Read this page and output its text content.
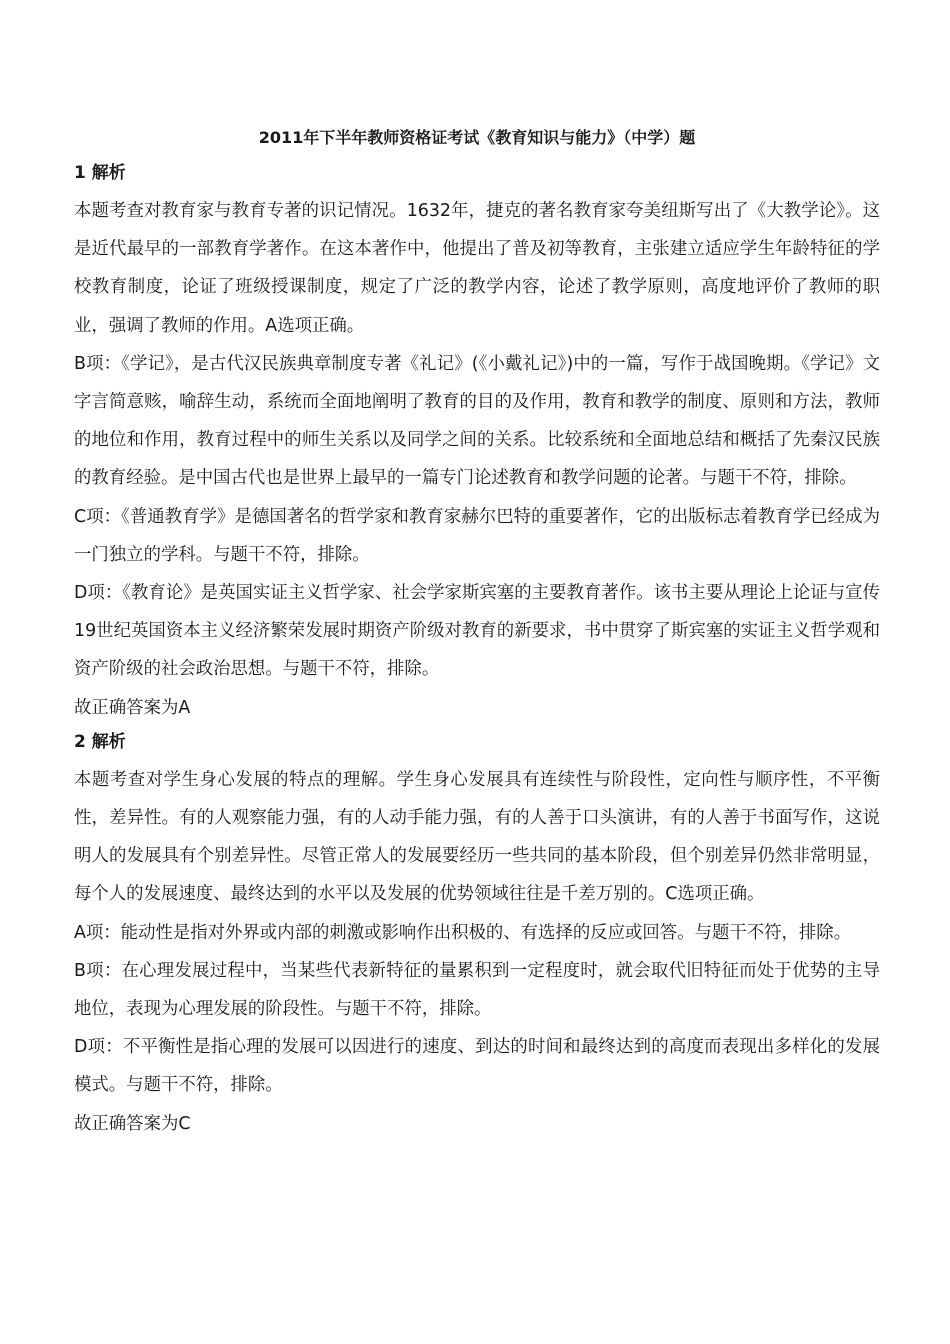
2011年下半年教师资格证考试《教育知识与能力》（中学）题
1 解析

本题考查对教育家与教育专著的识记情况。1632年，捷克的著名教育家夸美纽斯写出了《大教学论》。这是近代最早的一部教育学著作。在这本著作中，他提出了普及初等教育，主张建立适应学生年龄特征的学校教育制度，论证了班级授课制度，规定了广泛的教学内容，论述了教学原则，高度地评价了教师的职业，强调了教师的作用。A选项正确。

B项：《学记》，是古代汉民族典章制度专著《礼记》(《小戴礼记》)中的一篇，写作于战国晚期。《学记》文字言简意赅，喻辞生动，系统而全面地阐明了教育的目的及作用，教育和教学的制度、原则和方法，教师的地位和作用，教育过程中的师生关系以及同学之间的关系。比较系统和全面地总结和概括了先秦汉民族的教育经验。是中国古代也是世界上最早的一篇专门论述教育和教学问题的论著。与题干不符，排除。

C项：《普通教育学》是德国著名的哲学家和教育家赫尔巴特的重要著作，它的出版标志着教育学已经成为一门独立的学科。与题干不符，排除。

D项：《教育论》是英国实证主义哲学家、社会学家斯宾塞的主要教育著作。该书主要从理论上论证与宣传19世纪英国资本主义经济繁荣发展时期资产阶级对教育的新要求，书中贯穿了斯宾塞的实证主义哲学观和资产阶级的社会政治思想。与题干不符，排除。

故正确答案为A

2 解析

本题考查对学生身心发展的特点的理解。学生身心发展具有连续性与阶段性，定向性与顺序性，不平衡性，差异性。有的人观察能力强，有的人动手能力强，有的人善于口头演讲，有的人善于书面写作，这说明人的发展具有个别差异性。尽管正常人的发展要经历一些共同的基本阶段，但个别差异仍然非常明显，每个人的发展速度、最终达到的水平以及发展的优势领域往往是千差万别的。C选项正确。

A项：能动性是指对外界或内部的刺激或影响作出积极的、有选择的反应或回答。与题干不符，排除。

B项：在心理发展过程中，当某些代表新特征的量累积到一定程度时，就会取代旧特征而处于优势的主导地位，表现为心理发展的阶段性。与题干不符，排除。

D项：不平衡性是指心理的发展可以因进行的速度、到达的时间和最终达到的高度而表现出多样化的发展模式。与题干不符，排除。

故正确答案为C
